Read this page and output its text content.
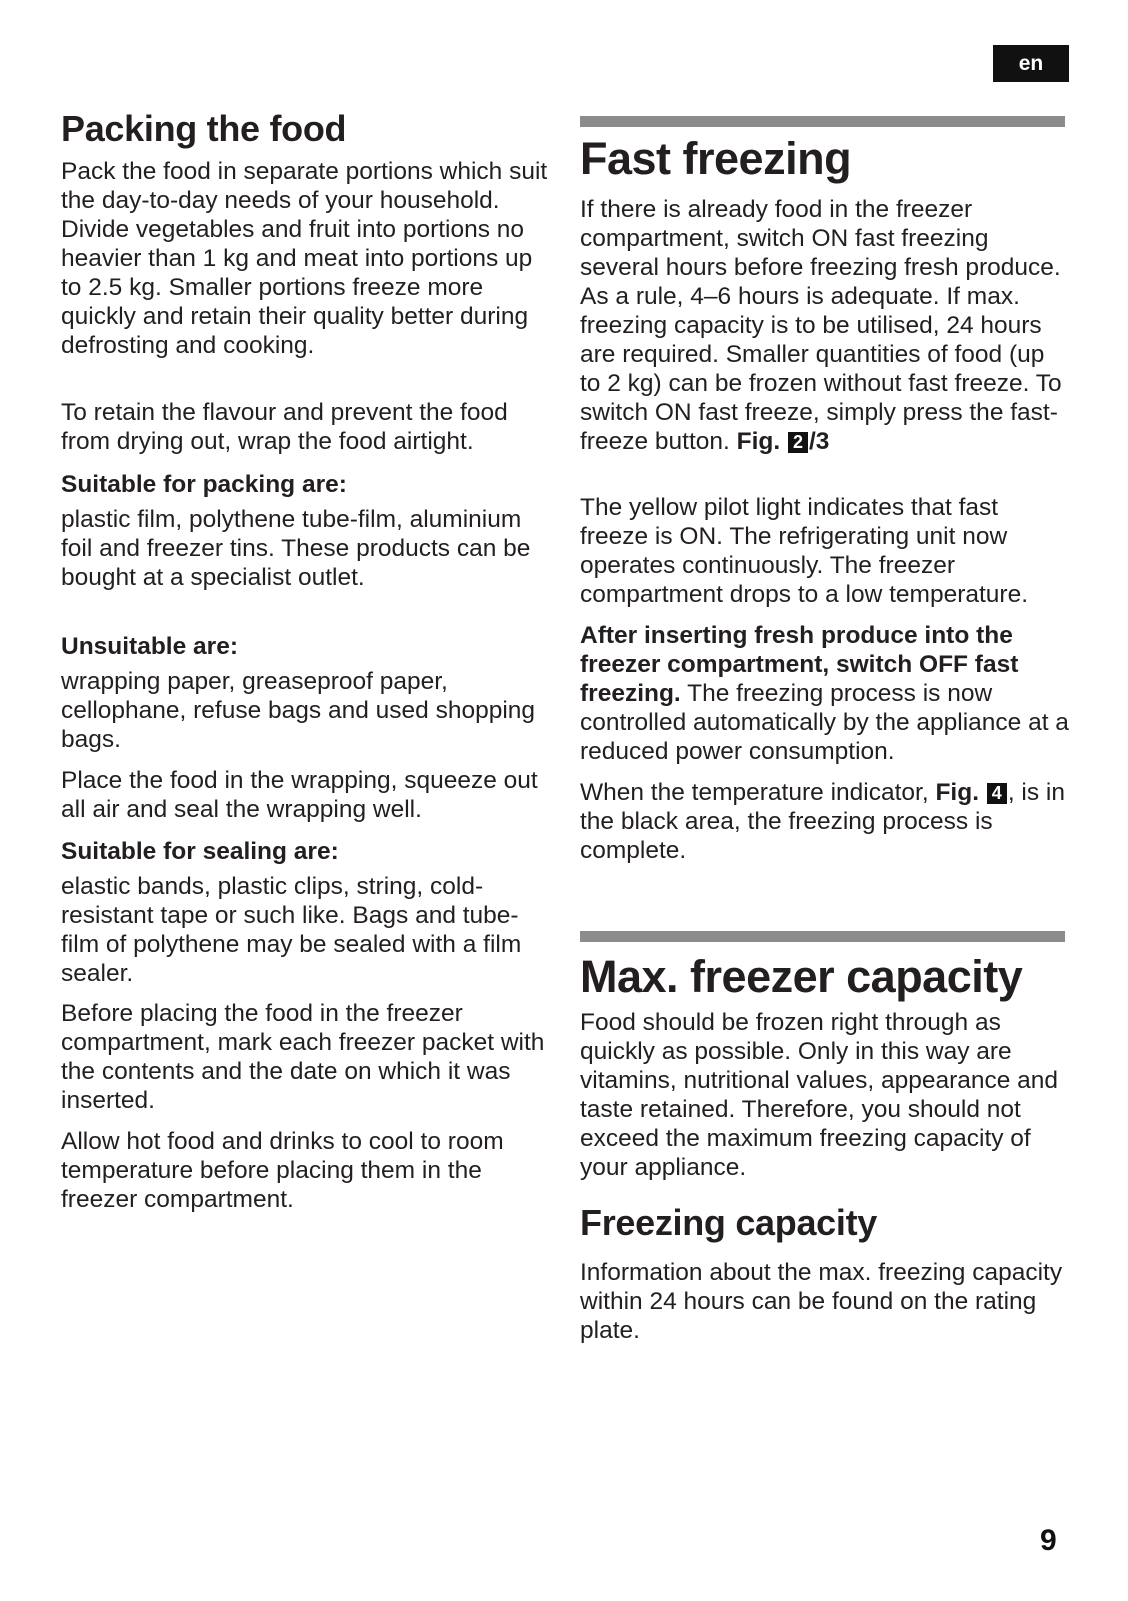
en
Packing the food

Pack the food in separate portions which suit the day-to-day needs of your household. Divide vegetables and fruit into portions no heavier than 1 kg and meat into portions up to 2.5 kg. Smaller portions freeze more quickly and retain their quality better during defrosting and cooking.

To retain the flavour and prevent the food from drying out, wrap the food airtight.

Suitable for packing are:

plastic film, polythene tube-film, aluminium foil and freezer tins. These products can be bought at a specialist outlet.

Unsuitable are:

wrapping paper, greaseproof paper, cellophane, refuse bags and used shopping bags.

Place the food in the wrapping, squeeze out all air and seal the wrapping well.

Suitable for sealing are:

elastic bands, plastic clips, string, cold-resistant tape or such like. Bags and tube-film of polythene may be sealed with a film sealer.

Before placing the food in the freezer compartment, mark each freezer packet with the contents and the date on which it was inserted.

Allow hot food and drinks to cool to room temperature before placing them in the freezer compartment.

Fast freezing

If there is already food in the freezer compartment, switch ON fast freezing several hours before freezing fresh produce. As a rule, 4–6 hours is adequate. If max. freezing capacity is to be utilised, 24 hours are required. Smaller quantities of food (up to 2 kg) can be frozen without fast freeze. To switch ON fast freeze, simply press the fast-freeze button. Fig. 2 /3

The yellow pilot light indicates that fast freeze is ON. The refrigerating unit now operates continuously. The freezer compartment drops to a low temperature.

After inserting fresh produce into the freezer compartment, switch OFF fast freezing. The freezing process is now controlled automatically by the appliance at a reduced power consumption.

When the temperature indicator, Fig. 4 , is in the black area, the freezing process is complete.

Max. freezer capacity

Food should be frozen right through as quickly as possible. Only in this way are vitamins, nutritional values, appearance and taste retained. Therefore, you should not exceed the maximum freezing capacity of your appliance.

Freezing capacity

Information about the max. freezing capacity within 24 hours can be found on the rating plate.

9
